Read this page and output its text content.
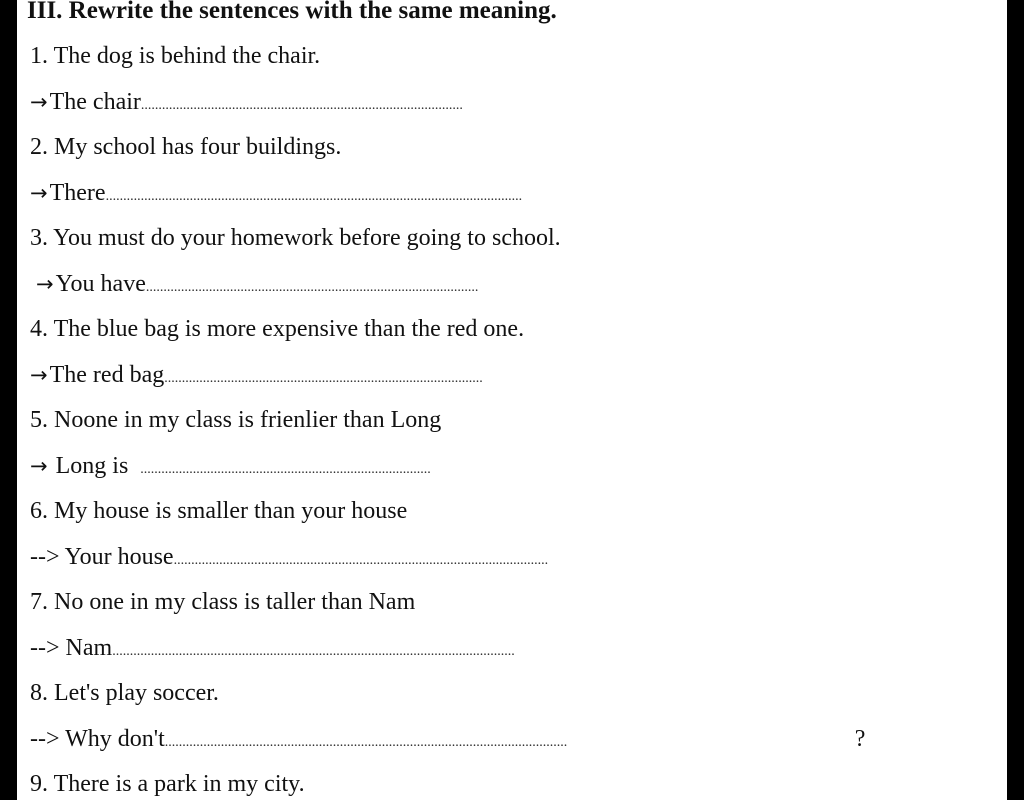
III. Rewrite the sentences with the same meaning.
1. The dog is behind the chair.
→ The chair ............................................................................................
2. My school has four buildings.
→ There .......................................................................................................................
3. You must do your homework before going to school.
→ You have ...............................................................................................
4. The blue bag is more expensive than the red one.
→ The red bag ...........................................................................................
5. Noone in my class is frienlier than Long
→ Long is ...................................................................................
6. My house is smaller than your house
--> Your house ...........................................................................................................
7. No one in my class is taller than Nam
--> Nam ...................................................................................................................
8. Let's play soccer.
--> Why don't ...................................................................................................................	?
9. There is a park in my city.
